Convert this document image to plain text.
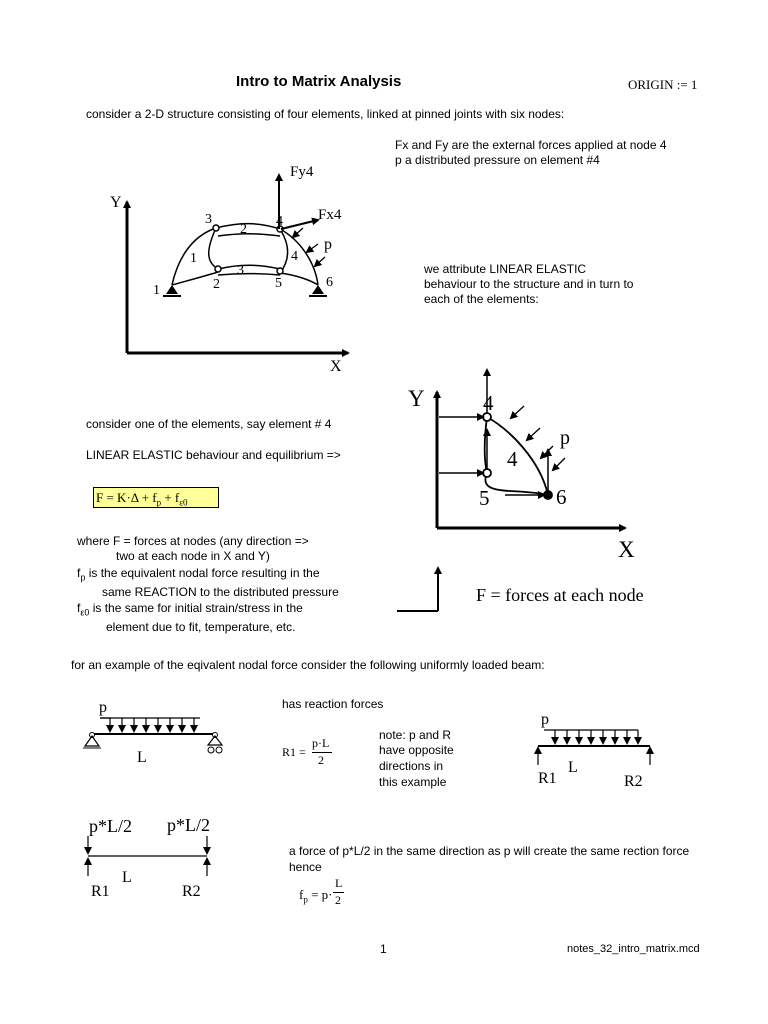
Intro to Matrix Analysis	ORIGIN := 1
consider a 2-D structure consisting of four elements, linked at pinned joints with six nodes:
Fx and Fy are the external forces applied at node 4
p a distributed pressure on element #4
we attribute LINEAR ELASTIC
behaviour to the structure and in turn to
each of the elements:
Y
X
Fy4
Fx4
p
1	2
3	4
5	6
1
2
3
4
Y
X
4
4
5	6
p
F = forces at each node
p
L
p
L
R1	R2
p*L/2 p*L/2
L
R1	R2
consider one of the elements, say element # 4
LINEAR ELASTIC behaviour and equilibrium =>
$F = K\cdot\Delta + f_p + f_{\varepsilon 0}$
where F = forces at nodes (any direction =>
two at each node in X and Y)
$f_p$ is the equivalent nodal force resulting in the
same REACTION to the distributed pressure
$f_{\varepsilon 0}$ is the same for initial strain/stress in the
element due to fit, temperature, etc.
for an example of the eqivalent nodal force consider the following uniformly loaded beam:
has reaction forces
R1 =
p·L
2
note: p and R
have opposite
directions in
this example
a force of p*L/2 in the same direction as p will create the same rection force
hence
$f_p = p\cdot$
L
2
1	notes_32_intro_matrix.mcd
